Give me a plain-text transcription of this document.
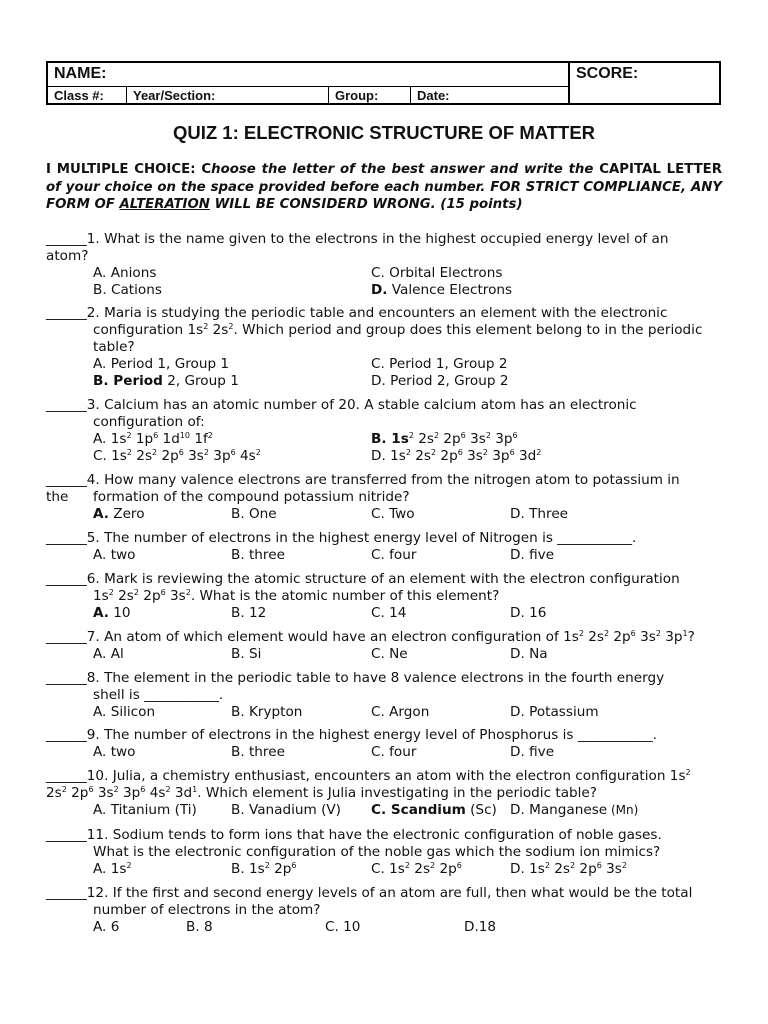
NAME:
Class #:	Year/Section:	Group:	Date:
SCORE:
QUIZ 1: ELECTRONIC STRUCTURE OF MATTER
I MULTIPLE CHOICE: Choose the letter of the best answer and write the CAPITAL LETTER of your choice on the space provided before each number. FOR STRICT COMPLIANCE, ANY FORM OF ALTERATION WILL BE CONSIDERD WRONG. (15 points)
______1. What is the name given to the electrons in the highest occupied energy level of an
atom?
A. Anions	C. Orbital Electrons
B. Cations	D. Valence Electrons
______2. Maria is studying the periodic table and encounters an element with the electronic
configuration $1s^2$ $2s^2$. Which period and group does this element belong to in the periodic
table?
A. Period 1, Group 1	C. Period 1, Group 2
B. Period 2, Group 1	D. Period 2, Group 2
______3. Calcium has an atomic number of 20. A stable calcium atom has an electronic
configuration of:
A. $1s^2$ $1p^6$ $1d^{10}$ $1f^2$	B. $1s^2$ $2s^2$ $2p^6$ $3s^2$ $3p^6$
C. $1s^2$ $2s^2$ $2p^6$ $3s^2$ $3p^6$ $4s^2$	D. $1s^2$ $2s^2$ $2p^6$ $3s^2$ $3p^6$ $3d^2$
______4. How many valence electrons are transferred from the nitrogen atom to potassium in
the	formation of the compound potassium nitride?
A. Zero	B. One	C. Two	D. Three
______5. The number of electrons in the highest energy level of Nitrogen is ___________.
A. two	B. three	C. four	D. five
______6. Mark is reviewing the atomic structure of an element with the electron configuration
$1s^2$ $2s^2$ $2p^6$ $3s^2$. What is the atomic number of this element?
A. 10	B. 12	C. 14	D. 16
______7. An atom of which element would have an electron configuration of $1s^2$ $2s^2$ $2p^6$ $3s^2$ $3p^1$?
A. Al	B. Si	C. Ne	D. Na
______8. The element in the periodic table to have 8 valence electrons in the fourth energy
shell is ___________.
A. Silicon	B. Krypton	C. Argon	D. Potassium
______9. The number of electrons in the highest energy level of Phosphorus is ___________.
A. two	B. three	C. four	D. five
______10. Julia, a chemistry enthusiast, encounters an atom with the electron configuration $1s^2$
$2s^2$ $2p^6$ $3s^2$ $3p^6$ $4s^2$ $3d^1$. Which element is Julia investigating in the periodic table?
A. Titanium (Ti)	B. Vanadium (V) C. Scandium (Sc) D. Manganese (Mn)
______11. Sodium tends to form ions that have the electronic configuration of noble gases.
What is the electronic configuration of the noble gas which the sodium ion mimics?
A. $1s^2$	B. $1s^2$ $2p^6$	C. $1s^2$ $2s^2$ $2p^6$	D. $1s^2$ $2s^2$ $2p^6$ $3s^2$
______12. If the first and second energy levels of an atom are full, then what would be the total
number of electrons in the atom?
A. 6	B. 8	C. 10	D.18
